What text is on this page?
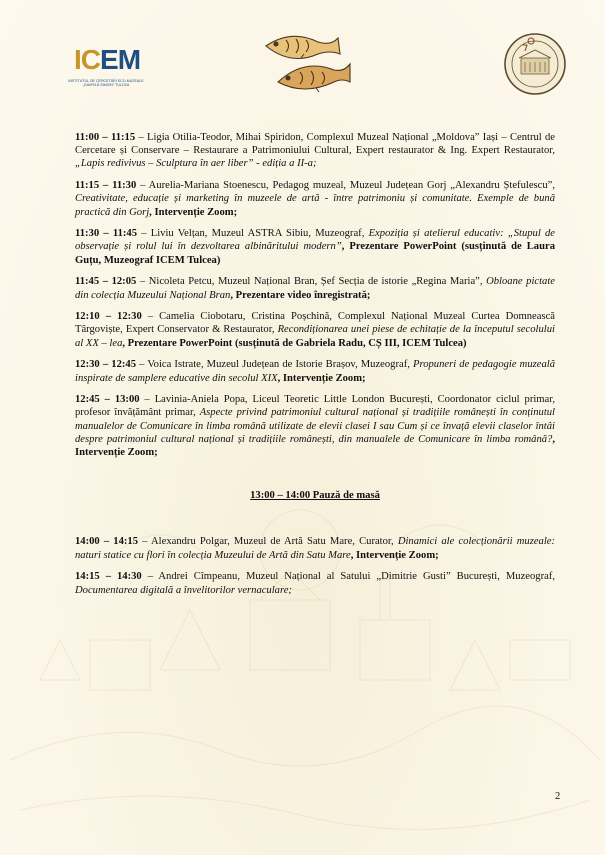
ICEM
INSTITUTUL DE CERCETĂRI ECO-MUZEALE „GAVRILĂ SIMION” TULCEA

11:00 – 11:15 – Ligia Otilia-Teodor, Mihai Spiridon, Complexul Muzeal Național „Moldova” Iași – Centrul de Cercetare și Conservare – Restaurare a Patrimoniului Cultural, Expert restaurator & Ing. Expert Restaurator, „Lapis redivivus – Sculptura în aer liber” - ediția a II-a;

11:15 – 11:30 – Aurelia-Mariana Stoenescu, Pedagog muzeal, Muzeul Județean Gorj „Alexandru Ștefulescu”, Creativitate, educație și marketing în muzeele de artă - între patrimoniu și comunitate. Exemple de bună practică din Gorj, Intervenție Zoom;

11:30 – 11:45 – Liviu Velțan, Muzeul ASTRA Sibiu, Muzeograf, Expoziția și atelierul educativ: „Stupul de observație și rolul lui în dezvoltarea albinăritului modern”, Prezentare PowerPoint (susținută de Laura Guțu, Muzeograf ICEM Tulcea)

11:45 – 12:05 – Nicoleta Petcu, Muzeul Național Bran, Șef Secția de istorie „Regina Maria”, Obloane pictate din colecția Muzeului Național Bran, Prezentare video înregistrată;

12:10 – 12:30 – Camelia Ciobotaru, Cristina Poșchină, Complexul Național Muzeal Curtea Domnească Târgoviște, Expert Conservator & Restaurator, Recondiționarea unei piese de echitație de la începutul secolului al XX – lea, Prezentare PowerPoint (susținută de Gabriela Radu, CȘ III, ICEM Tulcea)

12:30 – 12:45 – Voica Istrate, Muzeul Județean de Istorie Brașov, Muzeograf, Propuneri de pedagogie muzeală inspirate de samplere educative din secolul XIX, Intervenție Zoom;

12:45 – 13:00 – Lavinia-Aniela Popa, Liceul Teoretic Little London București, Coordonator ciclul primar, profesor învățământ primar, Aspecte privind patrimoniul cultural național și tradițiile românești în conținutul manualelor de Comunicare în limba română utilizate de elevii clasei I sau Cum și ce învață elevii claselor întâi despre patrimoniul cultural național și tradițiile românești, din manualele de Comunicare în limba română?, Intervenție Zoom;

13:00 – 14:00 Pauză de masă

14:00 – 14:15 – Alexandru Polgar, Muzeul de Artă Satu Mare, Curator, Dinamici ale colecționării muzeale: naturi statice cu flori în colecția Muzeului de Artă din Satu Mare, Intervenție Zoom;

14:15 – 14:30 – Andrei Cîmpeanu, Muzeul Național al Satului „Dimitrie Gusti” București, Muzeograf, Documentarea digitală a învelitorilor vernaculare;

2
